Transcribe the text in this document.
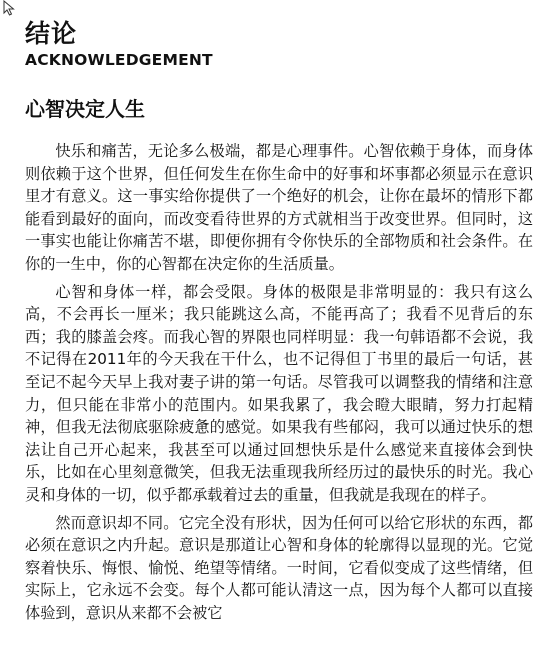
结论
ACKNOWLEDGEMENT
心智决定人生

快乐和痛苦，无论多么极端，都是心理事件。心智依赖于身体，而身体则依赖于这个世界，但任何发生在你生命中的好事和坏事都必须显示在意识里才有意义。这一事实给你提供了一个绝好的机会，让你在最坏的情形下都能看到最好的面向，而改变看待世界的方式就相当于改变世界。但同时，这一事实也能让你痛苦不堪，即便你拥有令你快乐的全部物质和社会条件。在你的一生中，你的心智都在决定你的生活质量。

心智和身体一样，都会受限。身体的极限是非常明显的：我只有这么高，不会再长一厘米；我只能跳这么高，不能再高了；我看不见背后的东西；我的膝盖会疼。而我心智的界限也同样明显：我一句韩语都不会说，我不记得在2011年的今天我在干什么，也不记得但丁书里的最后一句话，甚至记不起今天早上我对妻子讲的第一句话。尽管我可以调整我的情绪和注意力，但只能在非常小的范围内。如果我累了，我会瞪大眼睛，努力打起精神，但我无法彻底驱除疲惫的感觉。如果我有些郁闷，我可以通过快乐的想法让自己开心起来，我甚至可以通过回想快乐是什么感觉来直接体会到快乐，比如在心里刻意微笑，但我无法重现我所经历过的最快乐的时光。我心灵和身体的一切，似乎都承载着过去的重量，但我就是我现在的样子。

然而意识却不同。它完全没有形状，因为任何可以给它形状的东西，都必须在意识之内升起。意识是那道让心智和身体的轮廓得以显现的光。它觉察着快乐、悔恨、愉悦、绝望等情绪。一时间，它看似变成了这些情绪，但实际上，它永远不会变。每个人都可能认清这一点，因为每个人都可以直接体验到，意识从来都不会被它
